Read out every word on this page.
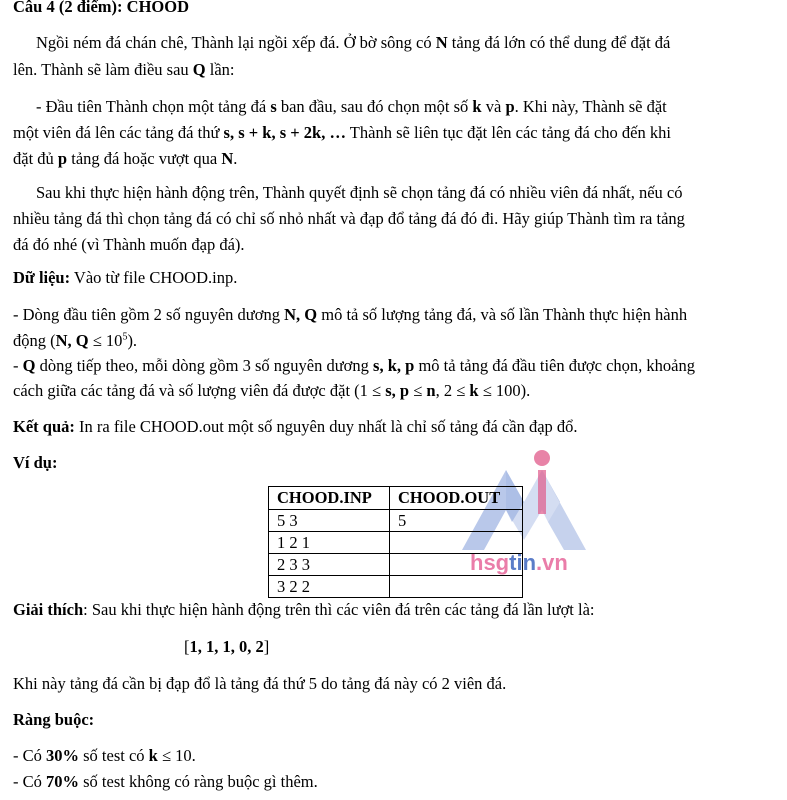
Câu 4 (2 điểm): CHOOD
Ngồi ném đá chán chê, Thành lại ngồi xếp đá. Ở bờ sông có N tảng đá lớn có thể dung để đặt đá
lên. Thành sẽ làm điều sau Q lần:
- Đầu tiên Thành chọn một tảng đá s ban đầu, sau đó chọn một số k và p. Khi này, Thành sẽ đặt
một viên đá lên các tảng đá thứ s, s + k, s + 2k, … Thành sẽ liên tục đặt lên các tảng đá cho đến khi
đặt đủ p tảng đá hoặc vượt qua N.
Sau khi thực hiện hành động trên, Thành quyết định sẽ chọn tảng đá có nhiều viên đá nhất, nếu có
nhiều tảng đá thì chọn tảng đá có chỉ số nhỏ nhất và đạp đổ tảng đá đó đi. Hãy giúp Thành tìm ra tảng
đá đó nhé (vì Thành muốn đạp đá).
Dữ liệu: Vào từ file CHOOD.inp.
- Dòng đầu tiên gồm 2 số nguyên dương N, Q mô tả số lượng tảng đá, và số lần Thành thực hiện hành
động (N, $Q \le 10^5$).
- Q dòng tiếp theo, mỗi dòng gồm 3 số nguyên dương s, k, p mô tả tảng đá đầu tiên được chọn, khoảng
cách giữa các tảng đá và số lượng viên đá được đặt (1 ≤ s, p ≤ n, 2 ≤ k ≤ 100).
Kết quả: In ra file CHOOD.out một số nguyên duy nhất là chỉ số tảng đá cần đạp đổ.
Ví dụ:
CHOOD.INP	CHOOD.OUT
5 3	5
1 2 1	
2 3 3	
3 2 2	
hsgtin.vn
Giải thích: Sau khi thực hiện hành động trên thì các viên đá trên các tảng đá lần lượt là:
[1, 1, 1, 0, 2]
Khi này tảng đá cần bị đạp đổ là tảng đá thứ 5 do tảng đá này có 2 viên đá.
Ràng buộc:
- Có 30% số test có k ≤ 10.
- Có 70% số test không có ràng buộc gì thêm.
